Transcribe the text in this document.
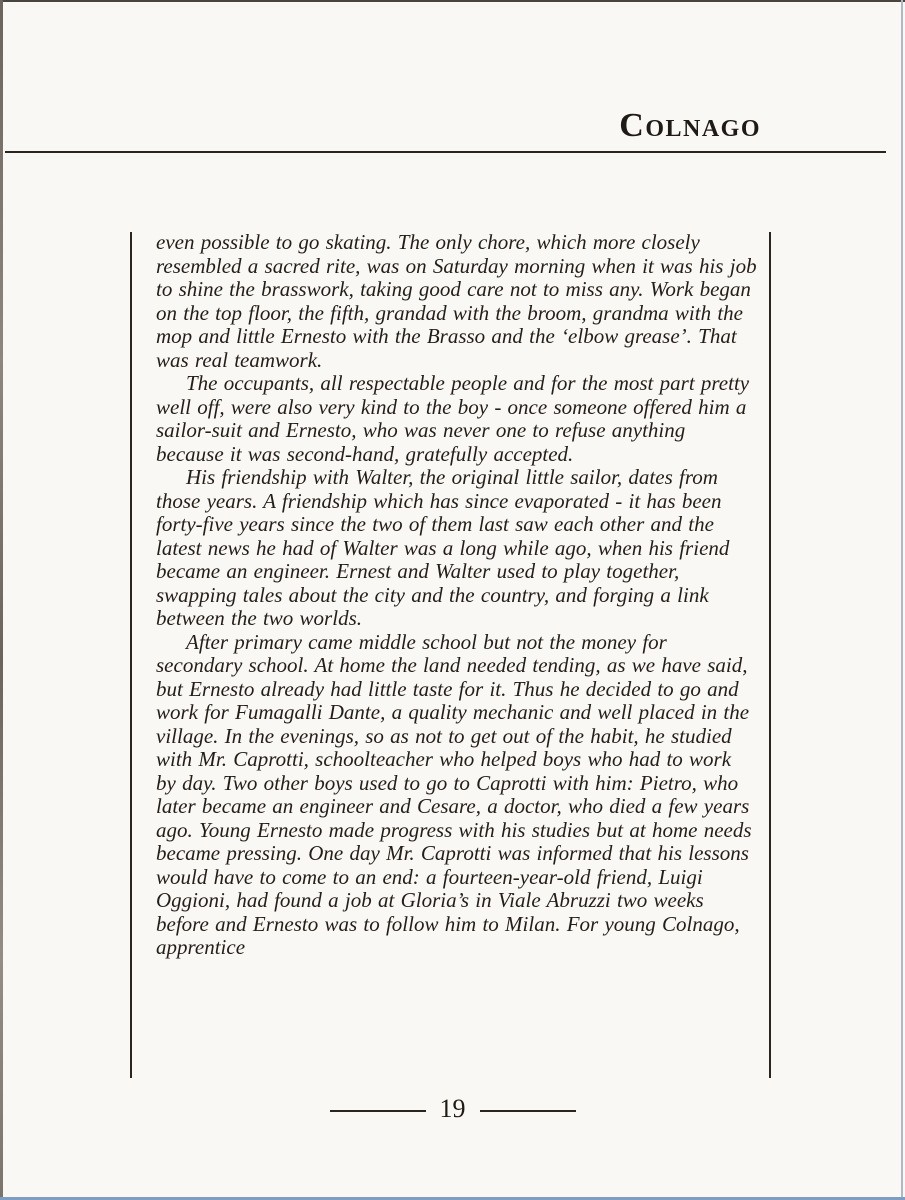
Colnago

even possible to go skating. The only chore, which more closely resembled a sacred rite, was on Saturday morning when it was his job to shine the brasswork, taking good care not to miss any. Work began on the top floor, the fifth, grandad with the broom, grandma with the mop and little Ernesto with the Brasso and the ‘elbow grease’. That was real teamwork.

The occupants, all respectable people and for the most part pretty well off, were also very kind to the boy - once someone offered him a sailor-suit and Ernesto, who was never one to refuse anything because it was second-hand, gratefully accepted.

His friendship with Walter, the original little sailor, dates from those years. A friendship which has since evaporated - it has been forty-five years since the two of them last saw each other and the latest news he had of Walter was a long while ago, when his friend became an engineer. Ernest and Walter used to play together, swapping tales about the city and the country, and forging a link between the two worlds.

After primary came middle school but not the money for secondary school. At home the land needed tending, as we have said, but Ernesto already had little taste for it. Thus he decided to go and work for Fumagalli Dante, a quality mechanic and well placed in the village. In the evenings, so as not to get out of the habit, he studied with Mr. Caprotti, schoolteacher who helped boys who had to work by day. Two other boys used to go to Caprotti with him: Pietro, who later became an engineer and Cesare, a doctor, who died a few years ago. Young Ernesto made progress with his studies but at home needs became pressing. One day Mr. Caprotti was informed that his lessons would have to come to an end: a fourteen-year-old friend, Luigi Oggioni, had found a job at Gloria’s in Viale Abruzzi two weeks before and Ernesto was to follow him to Milan. For young Colnago, apprentice

19
